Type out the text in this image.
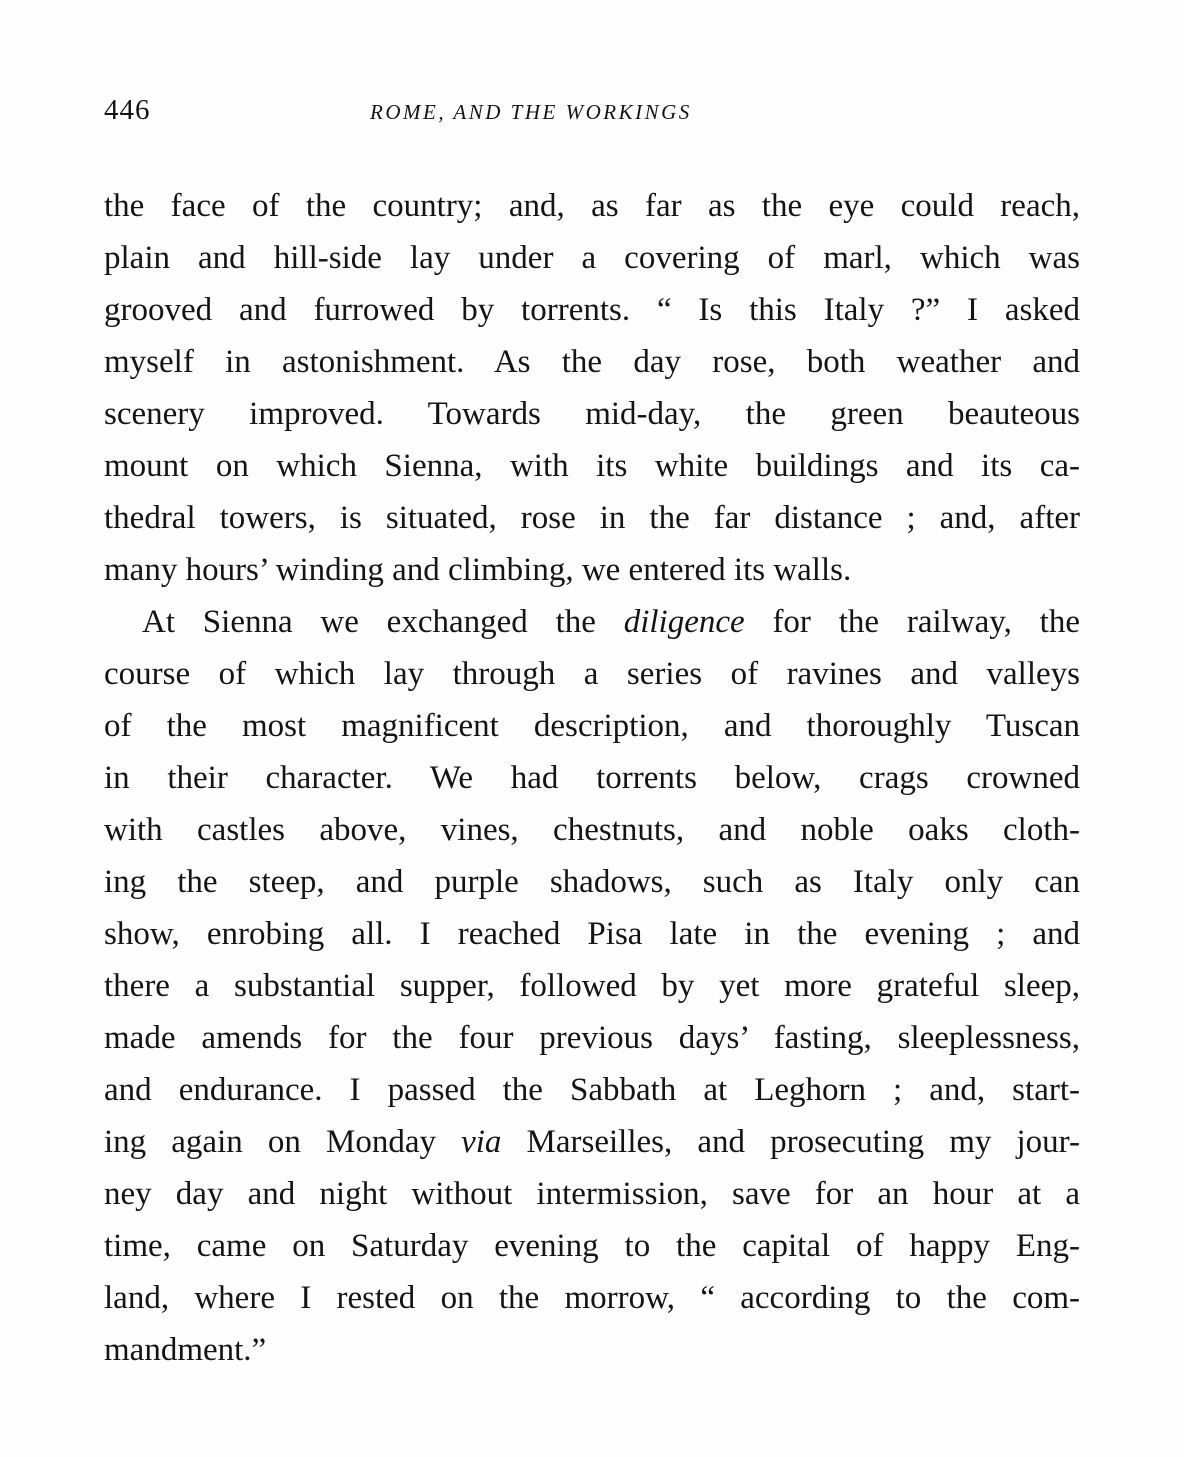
446	ROME, AND THE WORKINGS
the face of the country; and, as far as the eye could reach,
plain and hill-side lay under a covering of marl, which was
grooved and furrowed by torrents. “ Is this Italy ?” I asked
myself in astonishment. As the day rose, both weather and
scenery improved. Towards mid-day, the green beauteous
mount on which Sienna, with its white buildings and its ca-
thedral towers, is situated, rose in the far distance ; and, after
many hours’ winding and climbing, we entered its walls.
At Sienna we exchanged the diligence for the railway, the
course of which lay through a series of ravines and valleys
of the most magnificent description, and thoroughly Tuscan
in their character. We had torrents below, crags crowned
with castles above, vines, chestnuts, and noble oaks cloth-
ing the steep, and purple shadows, such as Italy only can
show, enrobing all. I reached Pisa late in the evening ; and
there a substantial supper, followed by yet more grateful sleep,
made amends for the four previous days’ fasting, sleeplessness,
and endurance. I passed the Sabbath at Leghorn ; and, start-
ing again on Monday via Marseilles, and prosecuting my jour-
ney day and night without intermission, save for an hour at a
time, came on Saturday evening to the capital of happy Eng-
land, where I rested on the morrow, “ according to the com-
mandment.”
